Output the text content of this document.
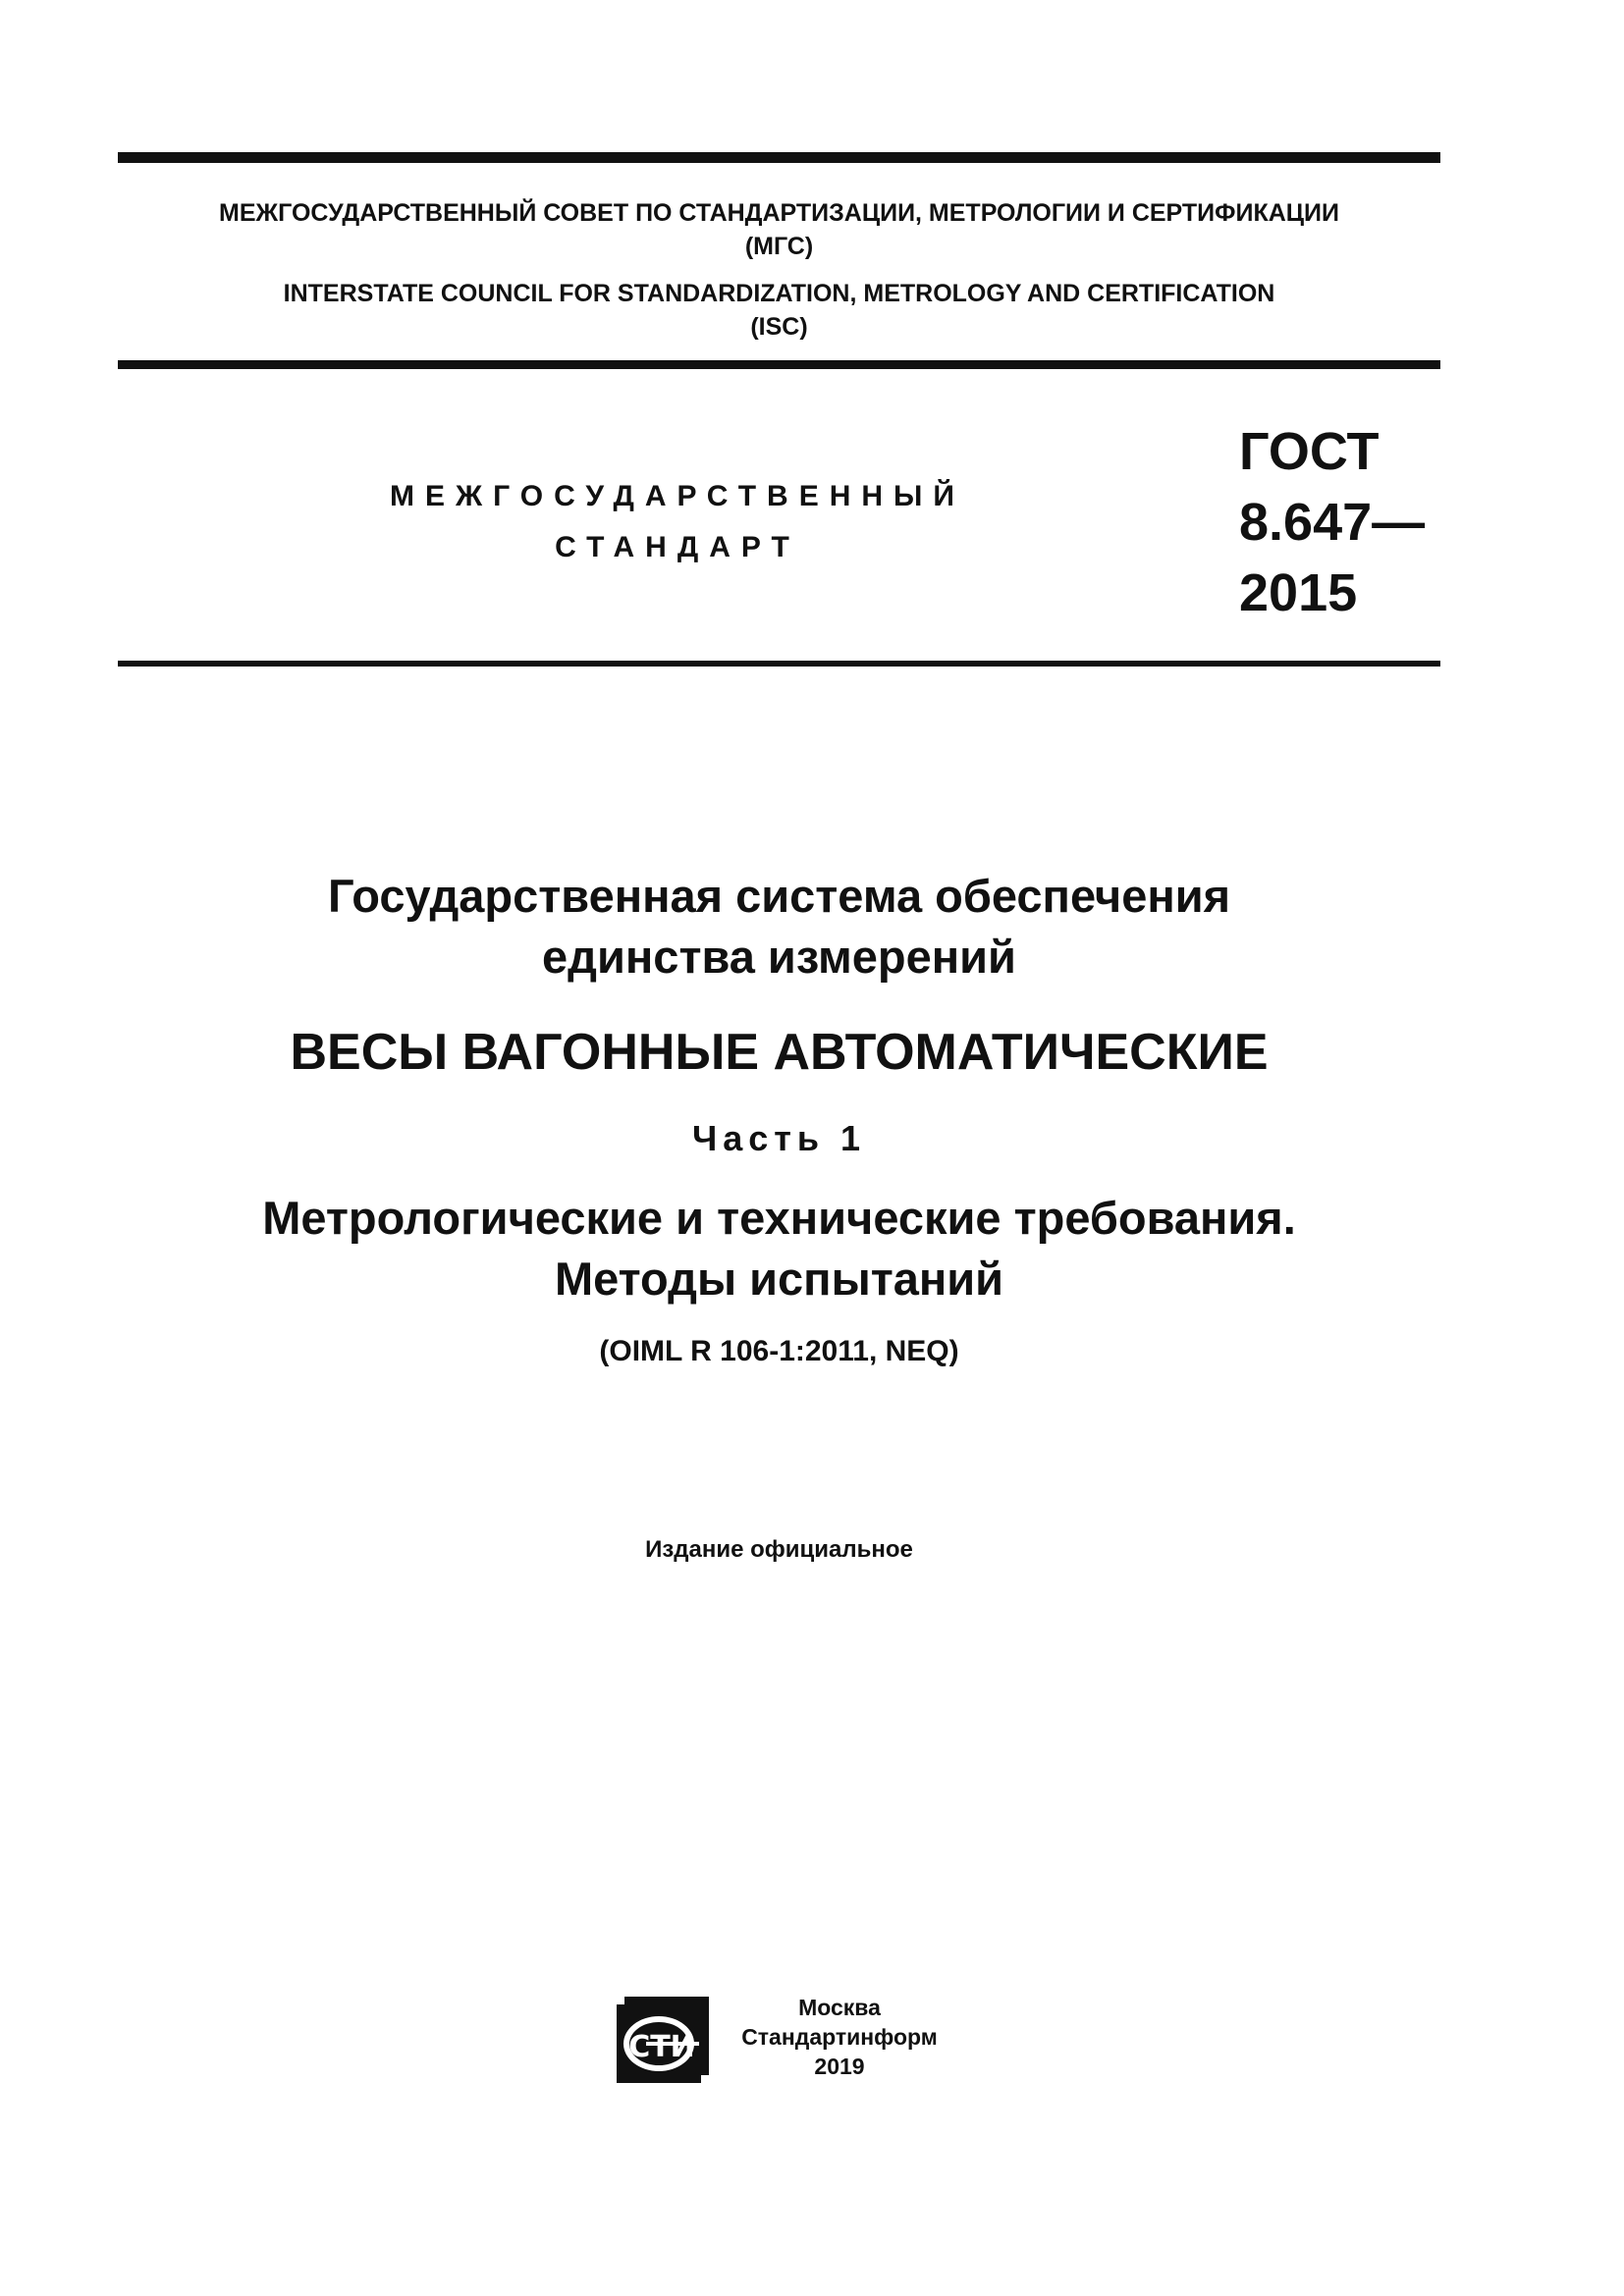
МЕЖГОСУДАРСТВЕННЫЙ СОВЕТ ПО СТАНДАРТИЗАЦИИ, МЕТРОЛОГИИ И СЕРТИФИКАЦИИ
(МГС)
INTERSTATE COUNCIL FOR STANDARDIZATION, METROLOGY AND CERTIFICATION
(ISC)
МЕЖГОСУДАРСТВЕННЫЙ
СТАНДАРТ
ГОСТ
8.647—
2015
Государственная система обеспечения
единства измерений
ВЕСЫ ВАГОННЫЕ АВТОМАТИЧЕСКИЕ
Часть 1
Метрологические и технические требования.
Методы испытаний
(OIML R 106-1:2011, NEQ)
Издание официальное
СТИ
Москва
Стандартинформ
2019
